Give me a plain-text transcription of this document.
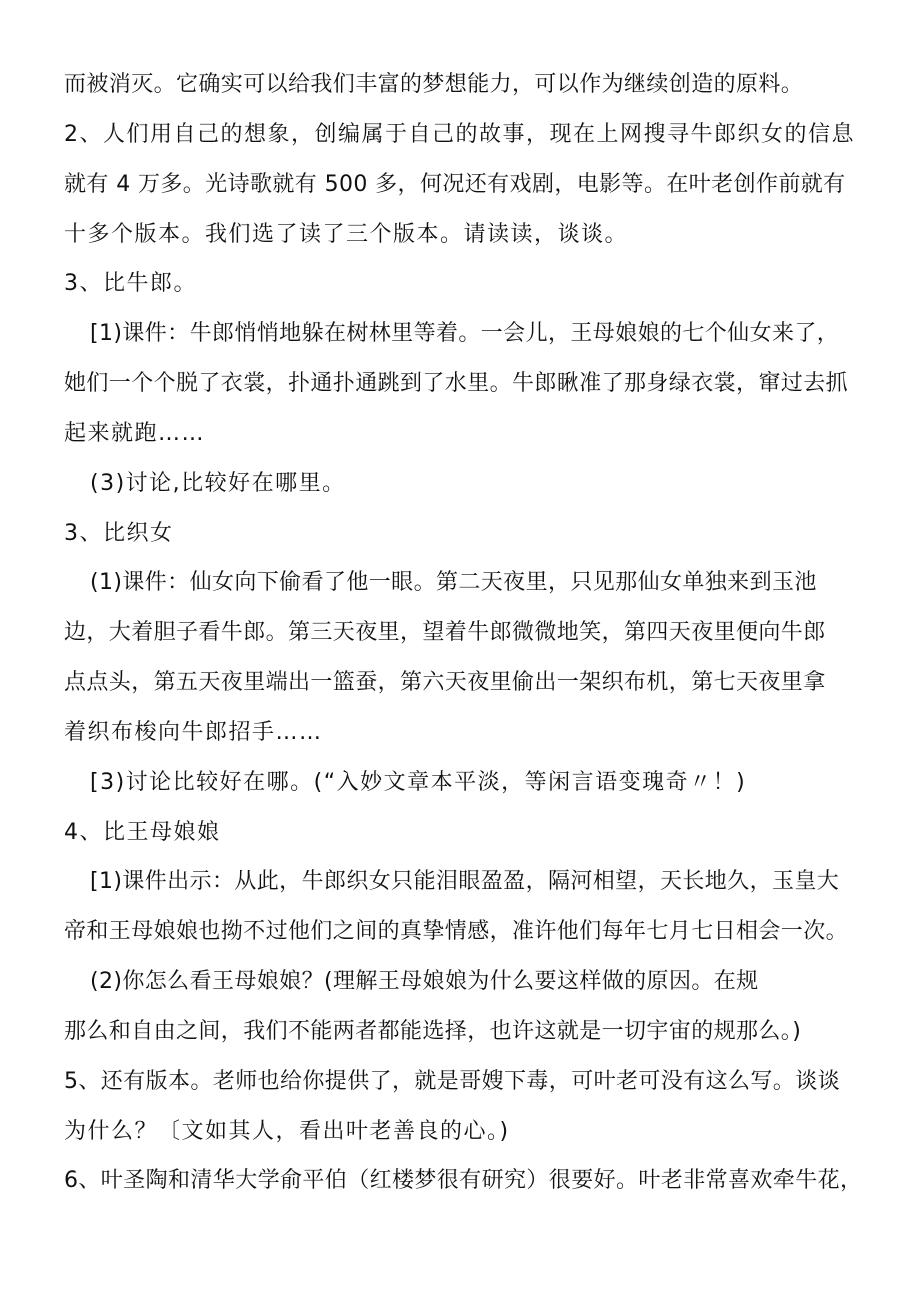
而被消灭。它确实可以给我们丰富的梦想能力，可以作为继续创造的原料。
2、人们用自己的想象，创编属于自己的故事，现在上网搜寻牛郎织女的信息
就有 4 万多。光诗歌就有 500 多，何况还有戏剧，电影等。在叶老创作前就有
十多个版本。我们选了读了三个版本。请读读，谈谈。
3、比牛郎。
[1)课件：牛郎悄悄地躲在树林里等着。一会儿，王母娘娘的七个仙女来了，
她们一个个脱了衣裳，扑通扑通跳到了水里。牛郎瞅准了那身绿衣裳，窜过去抓
起来就跑……
(3)讨论,比较好在哪里。
3、比织女
(1)课件：仙女向下偷看了他一眼。第二天夜里，只见那仙女单独来到玉池
边，大着胆子看牛郎。第三天夜里，望着牛郎微微地笑，第四天夜里便向牛郎
点点头，第五天夜里端出一篮蚕，第六天夜里偷出一架织布机，第七天夜里拿
着织布梭向牛郎招手……
[3)讨论比较好在哪。(“入妙文章本平淡，等闲言语变瑰奇〃！)
4、比王母娘娘
[1)课件出示：从此，牛郎织女只能泪眼盈盈，隔河相望，天长地久，玉皇大
帝和王母娘娘也拗不过他们之间的真挚情感，准许他们每年七月七日相会一次。
(2)你怎么看王母娘娘？(理解王母娘娘为什么要这样做的原因。在规
那么和自由之间，我们不能两者都能选择，也许这就是一切宇宙的规那么。)
5、还有版本。老师也给你提供了，就是哥嫂下毒，可叶老可没有这么写。谈谈
为什么？〔文如其人，看出叶老善良的心。)
6、叶圣陶和清华大学俞平伯（红楼梦很有研究）很要好。叶老非常喜欢牵牛花，
